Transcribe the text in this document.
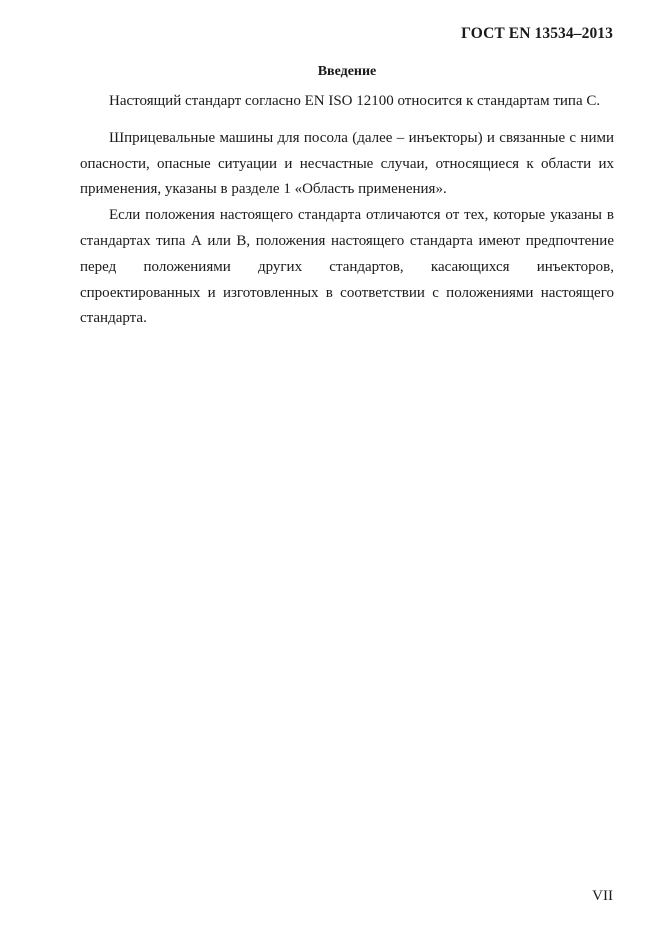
ГОСТ EN 13534–2013
Введение

Настоящий стандарт согласно EN ISO 12100 относится к стандартам типа С.

Шприцевальные машины для посола (далее – инъекторы) и связанные с ними опасности, опасные ситуации и несчастные случаи, относящиеся к области их применения, указаны в разделе 1 «Область применения».

Если положения настоящего стандарта отличаются от тех, которые указаны в стандартах типа А или В, положения настоящего стандарта имеют предпочтение перед положениями других стандартов, касающихся инъекторов, спроектированных и изготовленных в соответствии с положениями настоящего стандарта.

VII
